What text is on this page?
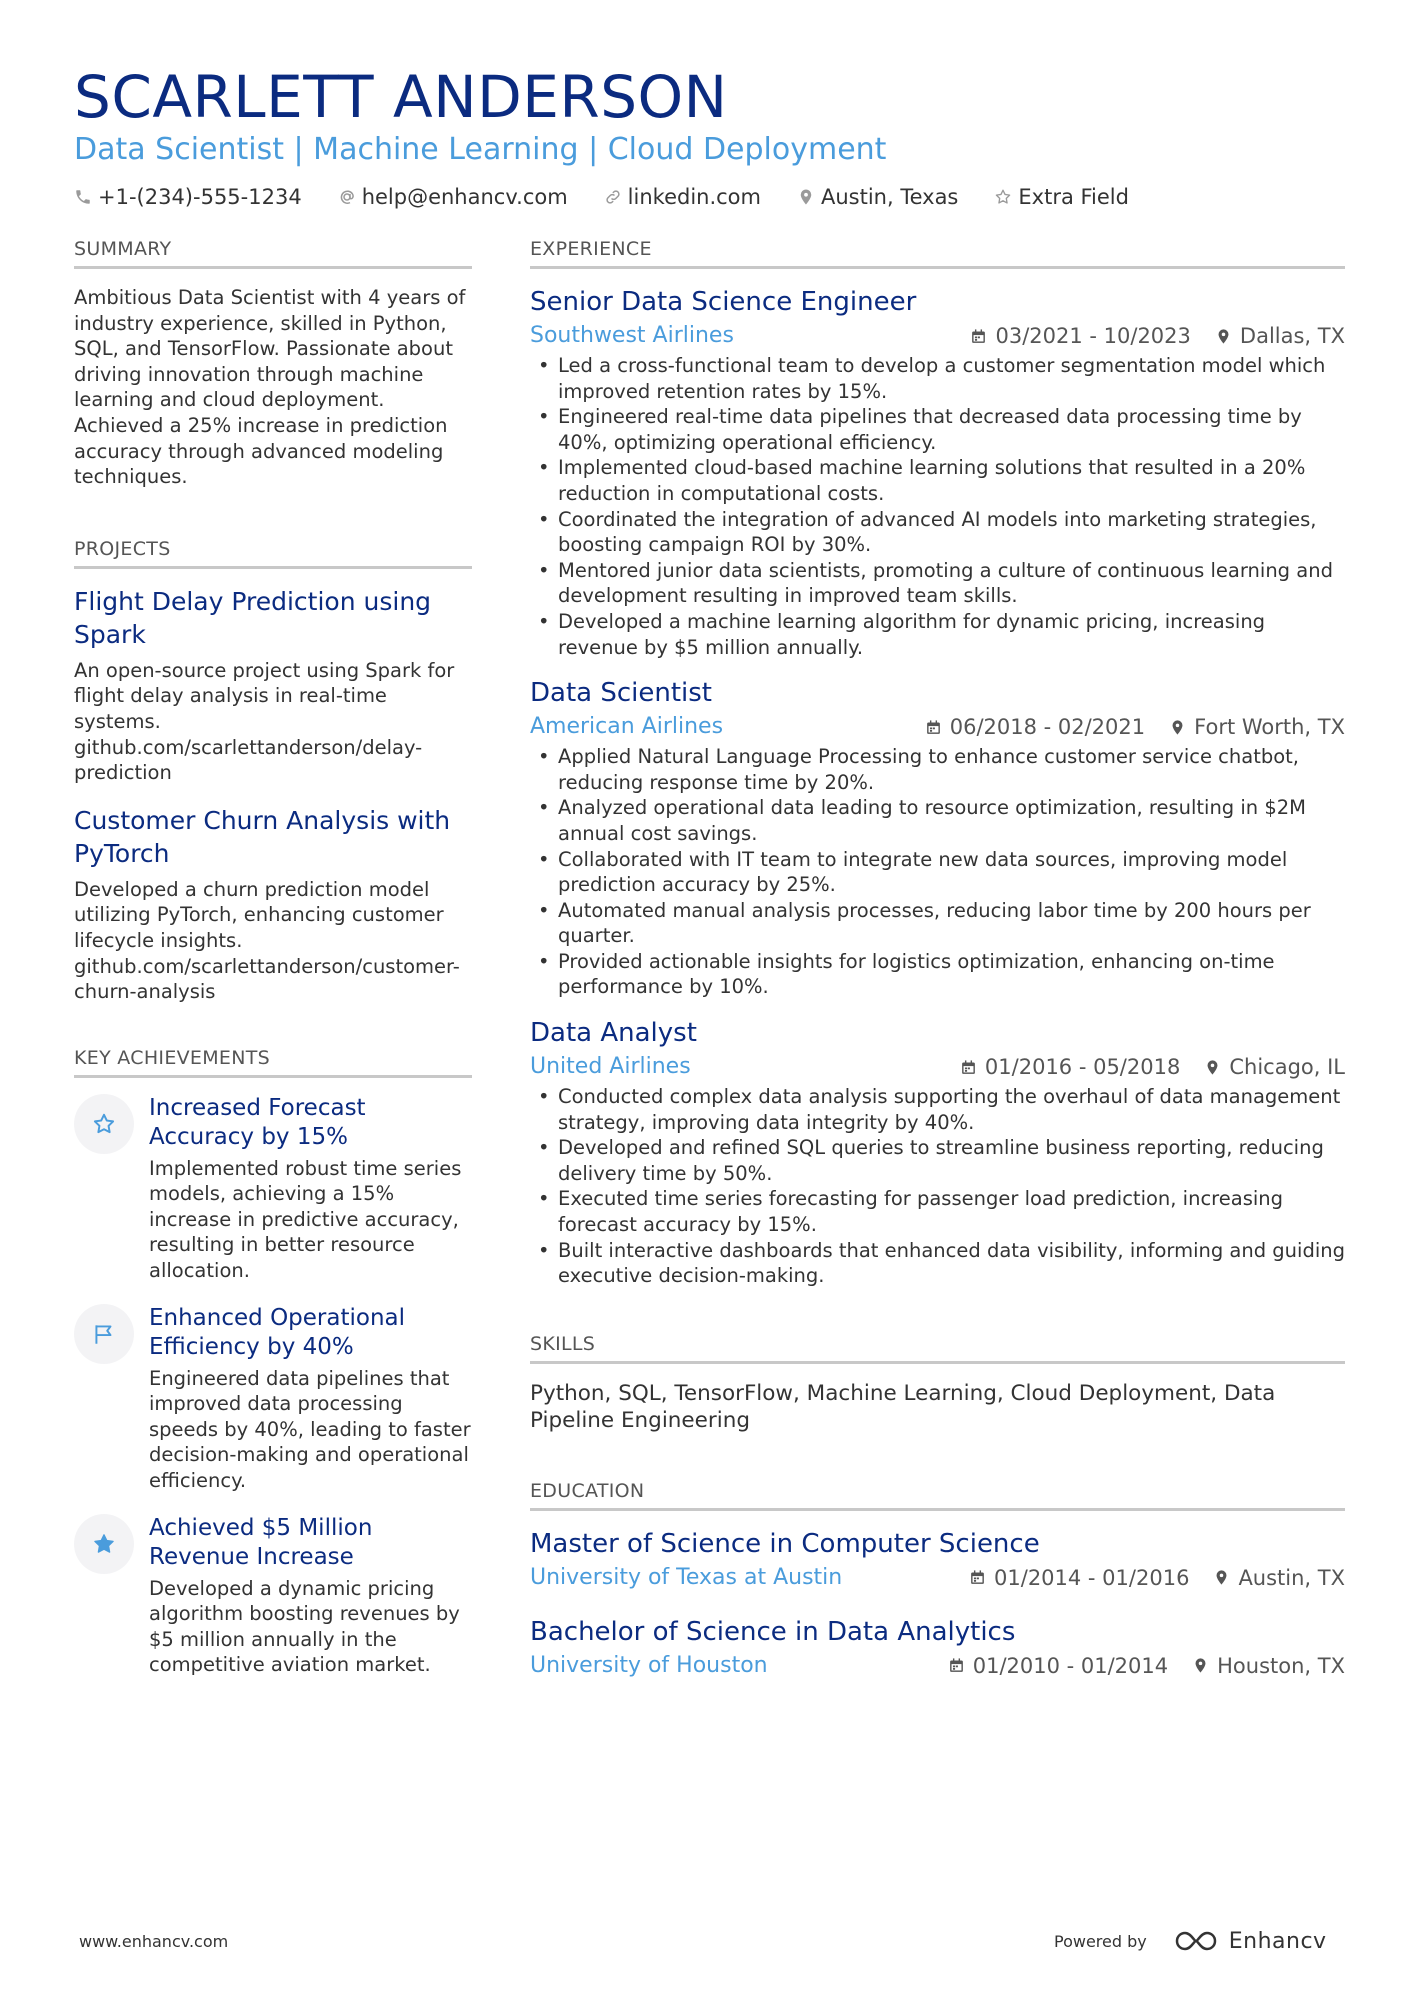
SCARLETT ANDERSON
Data Scientist | Machine Learning | Cloud Deployment
+1-(234)-555-1234	help@enhancv.com	linkedin.com	Austin, Texas	Extra Field
SUMMARY
Ambitious Data Scientist with 4 years of industry experience, skilled in Python, SQL, and TensorFlow. Passionate about driving innovation through machine learning and cloud deployment. Achieved a 25% increase in prediction accuracy through advanced modeling techniques.
PROJECTS
Flight Delay Prediction using Spark
An open-source project using Spark for flight delay analysis in real-time systems. github.com/scarlettanderson/delay-prediction
Customer Churn Analysis with PyTorch
Developed a churn prediction model utilizing PyTorch, enhancing customer lifecycle insights. github.com/scarlettanderson/customer-churn-analysis
KEY ACHIEVEMENTS
Increased Forecast Accuracy by 15%
Implemented robust time series models, achieving a 15% increase in predictive accuracy, resulting in better resource allocation.
Enhanced Operational Efficiency by 40%
Engineered data pipelines that improved data processing speeds by 40%, leading to faster decision-making and operational efficiency.
Achieved $5 Million Revenue Increase
Developed a dynamic pricing algorithm boosting revenues by $5 million annually in the competitive aviation market.
EXPERIENCE
Senior Data Science Engineer
Southwest Airlines	03/2021 - 10/2023 Dallas, TX
• Led a cross-functional team to develop a customer segmentation model which improved retention rates by 15%.
• Engineered real-time data pipelines that decreased data processing time by 40%, optimizing operational efficiency.
• Implemented cloud-based machine learning solutions that resulted in a 20% reduction in computational costs.
• Coordinated the integration of advanced AI models into marketing strategies, boosting campaign ROI by 30%.
• Mentored junior data scientists, promoting a culture of continuous learning and development resulting in improved team skills.
• Developed a machine learning algorithm for dynamic pricing, increasing revenue by $5 million annually.
Data Scientist
American Airlines	06/2018 - 02/2021 Fort Worth, TX
• Applied Natural Language Processing to enhance customer service chatbot, reducing response time by 20%.
• Analyzed operational data leading to resource optimization, resulting in $2M annual cost savings.
• Collaborated with IT team to integrate new data sources, improving model prediction accuracy by 25%.
• Automated manual analysis processes, reducing labor time by 200 hours per quarter.
• Provided actionable insights for logistics optimization, enhancing on-time performance by 10%.
Data Analyst
United Airlines	01/2016 - 05/2018 Chicago, IL
• Conducted complex data analysis supporting the overhaul of data management strategy, improving data integrity by 40%.
• Developed and refined SQL queries to streamline business reporting, reducing delivery time by 50%.
• Executed time series forecasting for passenger load prediction, increasing forecast accuracy by 15%.
• Built interactive dashboards that enhanced data visibility, informing and guiding executive decision-making.
SKILLS
Python, SQL, TensorFlow, Machine Learning, Cloud Deployment, Data Pipeline Engineering
EDUCATION
Master of Science in Computer Science
University of Texas at Austin	01/2014 - 01/2016 Austin, TX
Bachelor of Science in Data Analytics
University of Houston	01/2010 - 01/2014 Houston, TX
www.enhancv.com	Powered by	Enhancv
